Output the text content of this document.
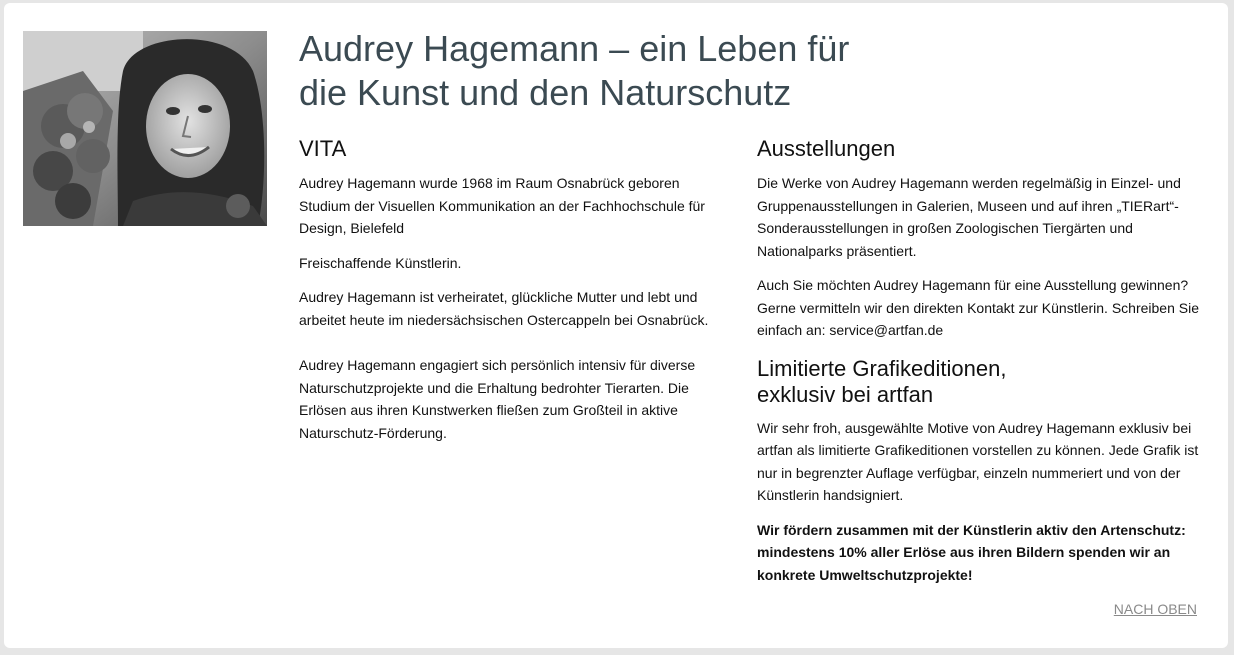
Audrey Hagemann – ein Leben für
die Kunst und den Naturschutz
VITA

Audrey Hagemann wurde 1968 im Raum Osnabrück geboren Studium der Visuellen Kommunikation an der Fachhochschule für Design, Bielefeld

Freischaffende Künstlerin.

Audrey Hagemann ist verheiratet, glückliche Mutter und lebt und arbeitet heute im niedersächsischen Ostercappeln bei Osnabrück.

Audrey Hagemann engagiert sich persönlich intensiv für diverse Naturschutzprojekte und die Erhaltung bedrohter Tierarten. Die Erlösen aus ihren Kunstwerken fließen zum Großteil in aktive Naturschutz-Förderung.

Ausstellungen

Die Werke von Audrey Hagemann werden regelmäßig in Einzel- und Gruppenausstellungen in Galerien, Museen und auf ihren „TIERart“-Sonderausstellungen in großen Zoologischen Tiergärten und Nationalparks präsentiert.

Auch Sie möchten Audrey Hagemann für eine Ausstellung gewinnen? Gerne vermitteln wir den direkten Kontakt zur Künstlerin. Schreiben Sie einfach an: service@artfan.de

Limitierte Grafikeditionen,
exklusiv bei artfan

Wir sehr froh, ausgewählte Motive von Audrey Hagemann exklusiv bei artfan als limitierte Grafikeditionen vorstellen zu können. Jede Grafik ist nur in begrenzter Auflage verfügbar, einzeln nummeriert und von der Künstlerin handsigniert.

Wir fördern zusammen mit der Künstlerin aktiv den Artenschutz: mindestens 10% aller Erlöse aus ihren Bildern spenden wir an konkrete Umweltschutzprojekte!

NACH OBEN
